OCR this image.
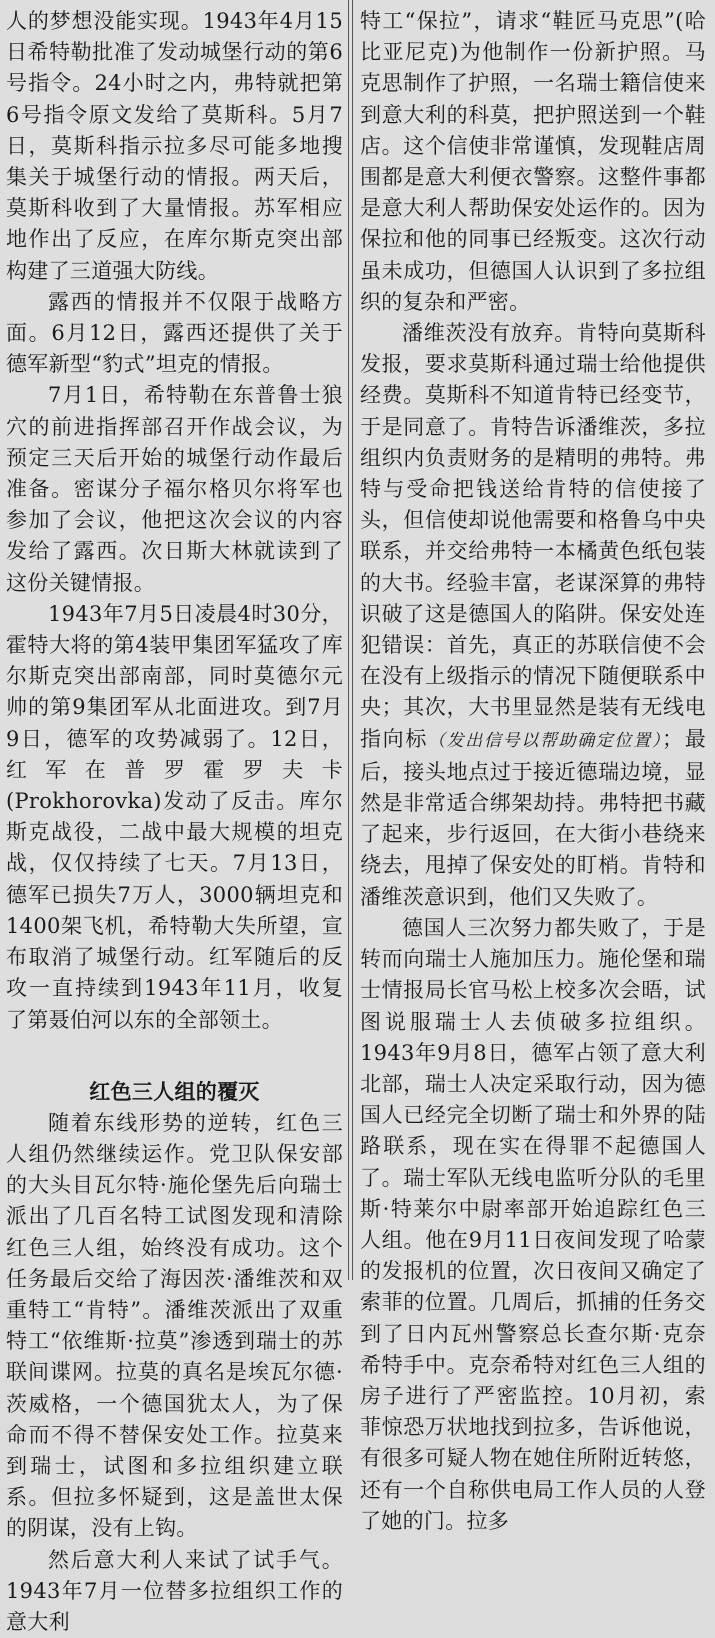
人的梦想没能实现。1943年4月15日希特勒批准了发动城堡行动的第6号指令。24小时之内，弗特就把第6号指令原文发给了莫斯科。5月7日，莫斯科指示拉多尽可能多地搜集关于城堡行动的情报。两天后，莫斯科收到了大量情报。苏军相应地作出了反应，在库尔斯克突出部构建了三道强大防线。

露西的情报并不仅限于战略方面。6月12日，露西还提供了关于德军新型“豹式”坦克的情报。

7月1日，希特勒在东普鲁士狼穴的前进指挥部召开作战会议，为预定三天后开始的城堡行动作最后准备。密谋分子福尔格贝尔将军也参加了会议，他把这次会议的内容发给了露西。次日斯大林就读到了这份关键情报。

1943年7月5日凌晨4时30分，霍特大将的第4装甲集团军猛攻了库尔斯克突出部南部，同时莫德尔元帅的第9集团军从北面进攻。到7月9日，德军的攻势减弱了。12日，红军在普罗霍罗夫卡(Prokhorovka)发动了反击。库尔斯克战役，二战中最大规模的坦克战，仅仅持续了七天。7月13日，德军已损失7万人，3000辆坦克和1400架飞机，希特勒大失所望，宣布取消了城堡行动。红军随后的反攻一直持续到1943年11月，收复了第聂伯河以东的全部领土。

红色三人组的覆灭

随着东线形势的逆转，红色三人组仍然继续运作。党卫队保安部的大头目瓦尔特·施伦堡先后向瑞士派出了几百名特工试图发现和清除红色三人组，始终没有成功。这个任务最后交给了海因茨·潘维茨和双重特工“肯特”。潘维茨派出了双重特工“依维斯·拉莫”渗透到瑞士的苏联间谍网。拉莫的真名是埃瓦尔德·茨威格，一个德国犹太人，为了保命而不得不替保安处工作。拉莫来到瑞士，试图和多拉组织建立联系。但拉多怀疑到，这是盖世太保的阴谋，没有上钩。

然后意大利人来试了试手气。1943年7月一位替多拉组织工作的意大利

特工“保拉”，请求“鞋匠马克思”(哈比亚尼克)为他制作一份新护照。马克思制作了护照，一名瑞士籍信使来到意大利的科莫，把护照送到一个鞋店。这个信使非常谨慎，发现鞋店周围都是意大利便衣警察。这整件事都是意大利人帮助保安处运作的。因为保拉和他的同事已经叛变。这次行动虽未成功，但德国人认识到了多拉组织的复杂和严密。

潘维茨没有放弃。肯特向莫斯科发报，要求莫斯科通过瑞士给他提供经费。莫斯科不知道肯特已经变节，于是同意了。肯特告诉潘维茨，多拉组织内负责财务的是精明的弗特。弗特与受命把钱送给肯特的信使接了头，但信使却说他需要和格鲁乌中央联系，并交给弗特一本橘黄色纸包装的大书。经验丰富，老谋深算的弗特识破了这是德国人的陷阱。保安处连犯错误：首先，真正的苏联信使不会在没有上级指示的情况下随便联系中央；其次，大书里显然是装有无线电指向标（发出信号以帮助确定位置）；最后，接头地点过于接近德瑞边境，显然是非常适合绑架劫持。弗特把书藏了起来，步行返回，在大街小巷绕来绕去，甩掉了保安处的盯梢。肯特和潘维茨意识到，他们又失败了。

德国人三次努力都失败了，于是转而向瑞士人施加压力。施伦堡和瑞士情报局长官马松上校多次会晤，试图说服瑞士人去侦破多拉组织。1943年9月8日，德军占领了意大利北部，瑞士人决定采取行动，因为德国人已经完全切断了瑞士和外界的陆路联系，现在实在得罪不起德国人了。瑞士军队无线电监听分队的毛里斯·特莱尔中尉率部开始追踪红色三人组。他在9月11日夜间发现了哈蒙的发报机的位置，次日夜间又确定了索菲的位置。几周后，抓捕的任务交到了日内瓦州警察总长查尔斯·克奈希特手中。克奈希特对红色三人组的房子进行了严密监控。10月初，索菲惊恐万状地找到拉多，告诉他说，有很多可疑人物在她住所附近转悠，还有一个自称供电局工作人员的人登了她的门。拉多
